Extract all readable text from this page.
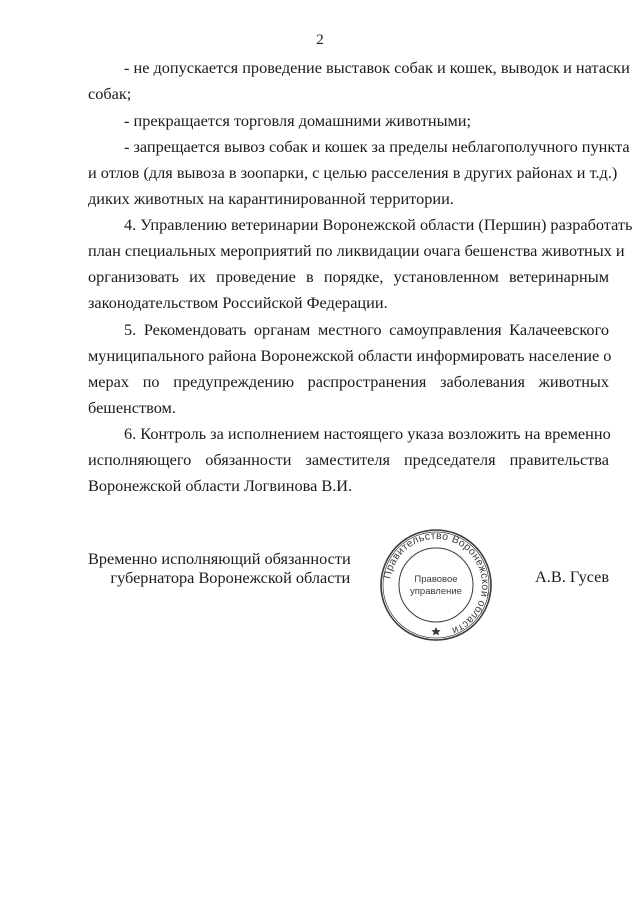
2
- не допускается проведение выставок собак и кошек, выводок и натаски
собак;
- прекращается торговля домашними животными;
- запрещается вывоз собак и кошек за пределы неблагополучного пункта
и отлов (для вывоза в зоопарки, с целью расселения в других районах и т.д.)
диких животных на карантинированной территории.
4. Управлению ветеринарии Воронежской области (Першин) разработать
план специальных мероприятий по ликвидации очага бешенства животных и
организовать их проведение в порядке, установленном ветеринарным
законодательством Российской Федерации.
5. Рекомендовать органам местного самоуправления Калачеевского
муниципального района Воронежской области информировать население о
мерах по предупреждению распространения заболевания животных
бешенством.
6. Контроль за исполнением настоящего указа возложить на временно
исполняющего обязанности заместителя председателя правительства
Воронежской области Логвинова В.И.
Временно исполняющий обязанности
губернатора Воронежской области	Правительство Воронежской области
Правовое
управление
А.В. Гусев
